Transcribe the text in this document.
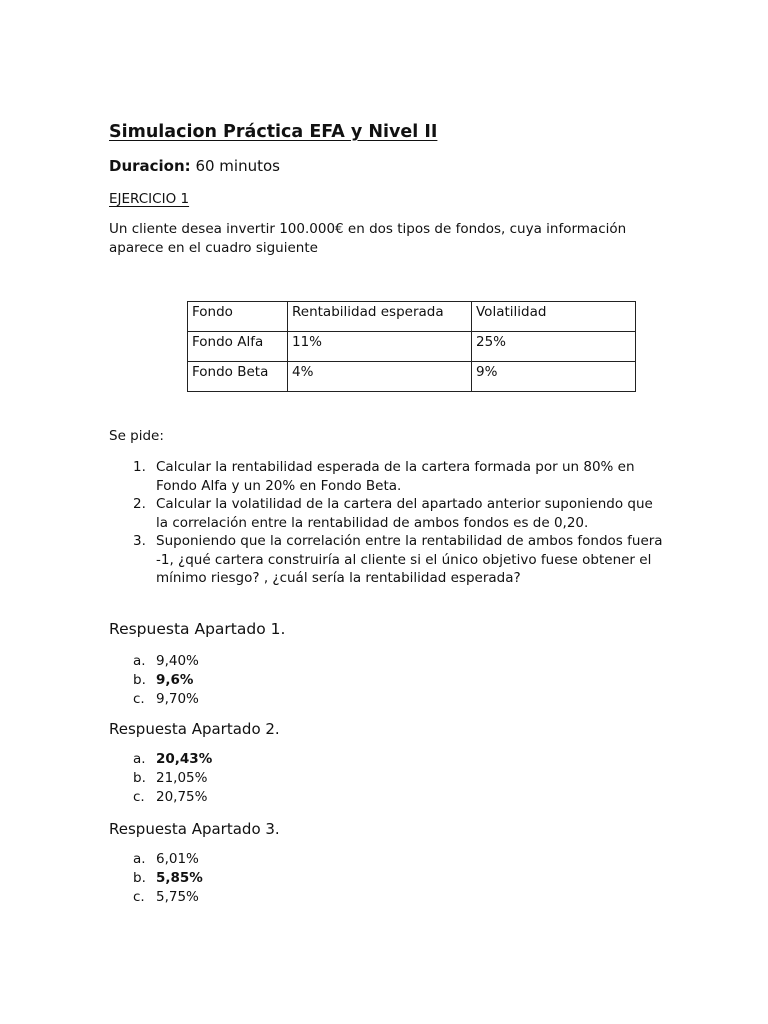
Simulacion Práctica EFA y Nivel II
Duracion: 60 minutos
EJERCICIO 1
Un cliente desea invertir 100.000€ en dos tipos de fondos, cuya información aparece en el cuadro siguiente
Fondo	Rentabilidad esperada	Volatilidad
Fondo Alfa	11%	25%
Fondo Beta	4%	9%
Se pide:
1. Calcular la rentabilidad esperada de la cartera formada por un 80% en Fondo Alfa y un 20% en Fondo Beta.
2. Calcular la volatilidad de la cartera del apartado anterior suponiendo que la correlación entre la rentabilidad de ambos fondos es de 0,20.
3. Suponiendo que la correlación entre la rentabilidad de ambos fondos fuera -1, ¿qué cartera construiría al cliente si el único objetivo fuese obtener el mínimo riesgo? , ¿cuál sería la rentabilidad esperada?
Respuesta Apartado 1.
a. 9,40%
b. 9,6%
c. 9,70%
Respuesta Apartado 2.
a. 20,43%
b. 21,05%
c. 20,75%
Respuesta Apartado 3.
a. 6,01%
b. 5,85%
c. 5,75%
